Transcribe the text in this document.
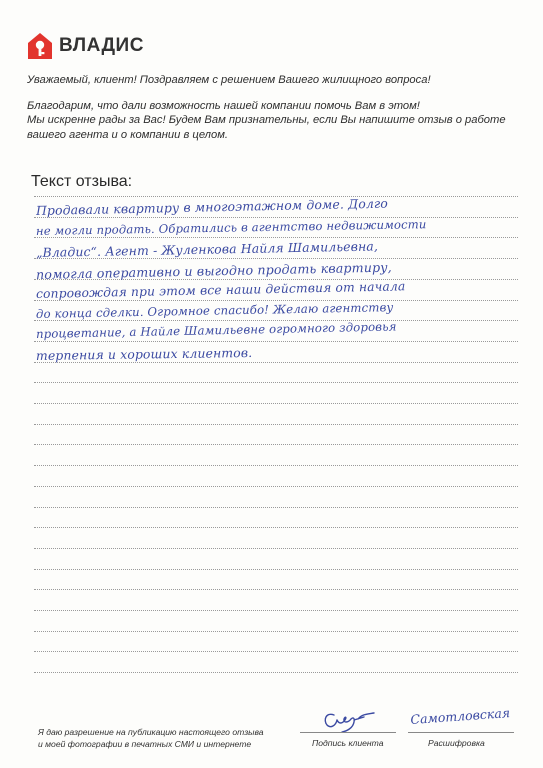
ВЛАДИС

Уважаемый, клиент! Поздравляем с решением Вашего жилищного вопроса!

Благодарим, что дали возможность нашей компании помочь Вам в этом!

Мы искренне рады за Вас! Будем Вам признательны, если Вы напишите отзыв о работе

вашего агента и о компании в целом.

Текст отзыва:
Продавали квартиру в многоэтажном доме. Долго
не могли продать. Обратились в агентство недвижимости
„Владис“. Агент - Жуленкова Найля Шамильевна,
помогла оперативно и выгодно продать квартиру,
сопровождая при этом все наши действия от начала
до конца сделки. Огромное спасибо! Желаю агентству
процветание, а Найле Шамильевне огромного здоровья
терпения и хороших клиентов.

Я даю разрешение на публикацию настоящего отзыва

и моей фотографии в печатных СМИ и интернете	Подпись клиента
Самотловская
Расшифровка
